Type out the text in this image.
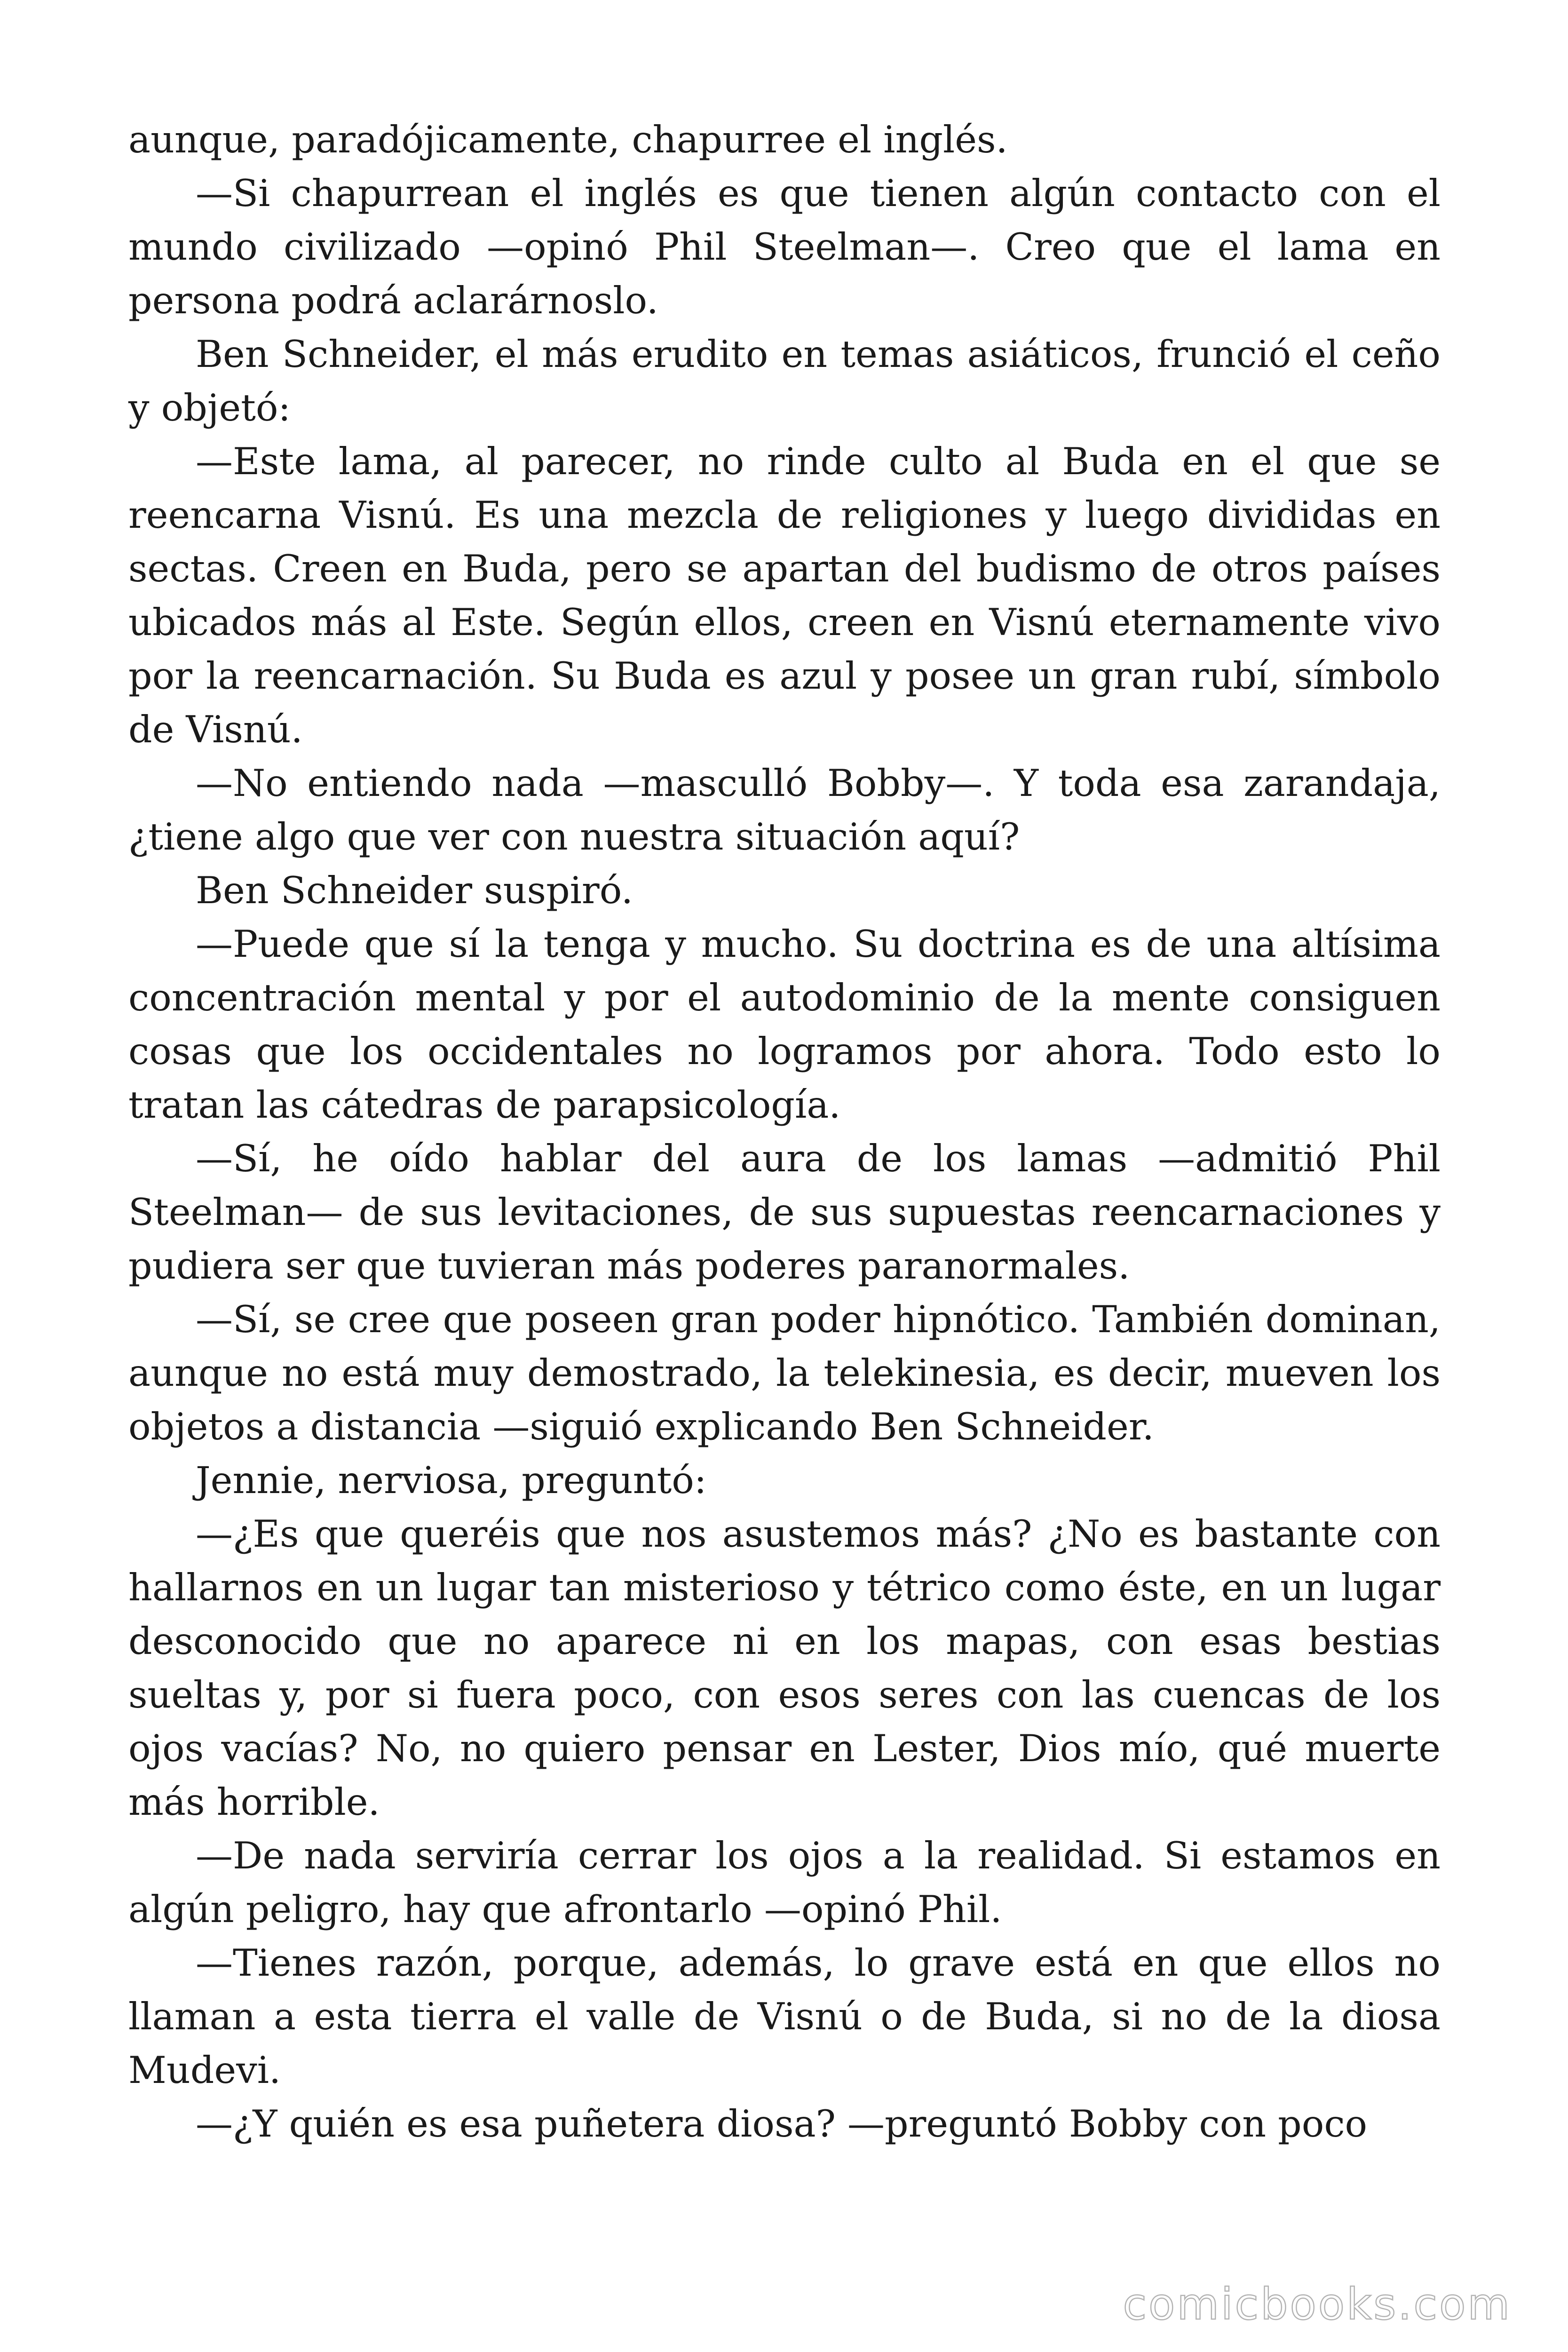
aunque, paradójicamente, chapurree el inglés.

—Si chapurrean el inglés es que tienen algún contacto con el mundo civilizado —opinó Phil Steelman—. Creo que el lama en persona podrá aclarárnoslo.

Ben Schneider, el más erudito en temas asiáticos, frunció el ceño y objetó:

—Este lama, al parecer, no rinde culto al Buda en el que se reencarna Visnú. Es una mezcla de religiones y luego divididas en sectas. Creen en Buda, pero se apartan del budismo de otros países ubicados más al Este. Según ellos, creen en Visnú eternamente vivo por la reencarnación. Su Buda es azul y posee un gran rubí, símbolo de Visnú.

—No entiendo nada —masculló Bobby—. Y toda esa zarandaja, ¿tiene algo que ver con nuestra situación aquí?

Ben Schneider suspiró.

—Puede que sí la tenga y mucho. Su doctrina es de una altísima concentración mental y por el autodominio de la mente consiguen cosas que los occidentales no logramos por ahora. Todo esto lo tratan las cátedras de parapsicología.

—Sí, he oído hablar del aura de los lamas —admitió Phil Steelman— de sus levitaciones, de sus supuestas reencarnaciones y pudiera ser que tuvieran más poderes paranormales.

—Sí, se cree que poseen gran poder hipnótico. También dominan, aunque no está muy demostrado, la telekinesia, es decir, mueven los objetos a distancia —siguió explicando Ben Schneider.

Jennie, nerviosa, preguntó:

—¿Es que queréis que nos asustemos más? ¿No es bastante con hallarnos en un lugar tan misterioso y tétrico como éste, en un lugar desconocido que no aparece ni en los mapas, con esas bestias sueltas y, por si fuera poco, con esos seres con las cuencas de los ojos vacías? No, no quiero pensar en Lester, Dios mío, qué muerte más horrible.

—De nada serviría cerrar los ojos a la realidad. Si estamos en algún peligro, hay que afrontarlo —opinó Phil.

—Tienes razón, porque, además, lo grave está en que ellos no llaman a esta tierra el valle de Visnú o de Buda, si no de la diosa Mudevi.

—¿Y quién es esa puñetera diosa? —preguntó Bobby con poco

comicbooks.com
